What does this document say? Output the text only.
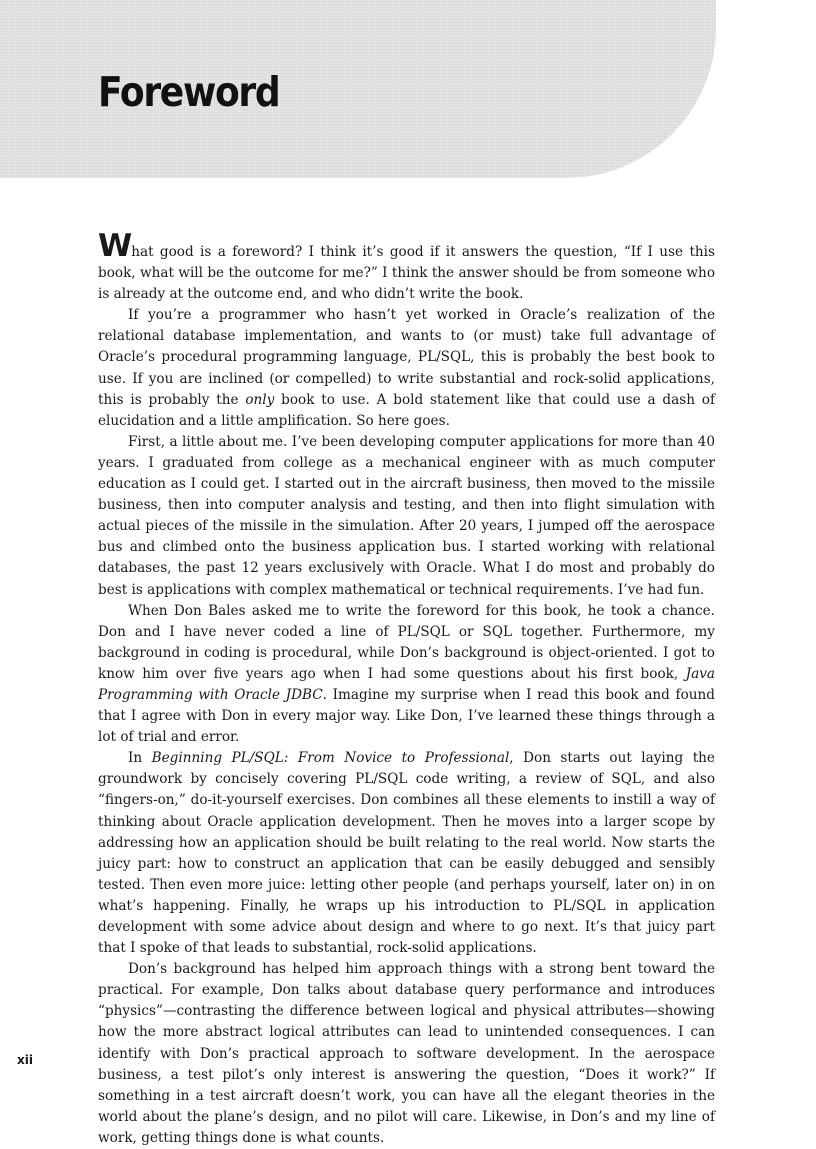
Foreword

What good is a foreword? I think it’s good if it answers the question, “If I use this book, what will be the outcome for me?” I think the answer should be from someone who is already at the outcome end, and who didn’t write the book.

If you’re a programmer who hasn’t yet worked in Oracle’s realization of the relational database implementation, and wants to (or must) take full advantage of Oracle’s procedural programming language, PL/SQL, this is probably the best book to use. If you are inclined (or compelled) to write substantial and rock-solid applications, this is probably the only book to use. A bold statement like that could use a dash of elucidation and a little amplification. So here goes.

First, a little about me. I’ve been developing computer applications for more than 40 years. I graduated from college as a mechanical engineer with as much computer education as I could get. I started out in the aircraft business, then moved to the missile business, then into computer analysis and testing, and then into flight simulation with actual pieces of the missile in the simulation. After 20 years, I jumped off the aerospace bus and climbed onto the business application bus. I started working with relational databases, the past 12 years exclusively with Oracle. What I do most and probably do best is applications with complex mathematical or technical requirements. I’ve had fun.

When Don Bales asked me to write the foreword for this book, he took a chance. Don and I have never coded a line of PL/SQL or SQL together. Furthermore, my background in coding is procedural, while Don’s background is object-oriented. I got to know him over five years ago when I had some questions about his first book, Java Programming with Oracle JDBC. Imagine my surprise when I read this book and found that I agree with Don in every major way. Like Don, I’ve learned these things through a lot of trial and error.

In Beginning PL/SQL: From Novice to Professional, Don starts out laying the groundwork by concisely covering PL/SQL code writing, a review of SQL, and also “fingers-on,” do-it-yourself exercises. Don combines all these elements to instill a way of thinking about Oracle application development. Then he moves into a larger scope by addressing how an application should be built relating to the real world. Now starts the juicy part: how to construct an application that can be easily debugged and sensibly tested. Then even more juice: letting other people (and perhaps yourself, later on) in on what’s happening. Finally, he wraps up his introduction to PL/SQL in application development with some advice about design and where to go next. It’s that juicy part that I spoke of that leads to substantial, rock-solid applications.

Don’s background has helped him approach things with a strong bent toward the practical. For example, Don talks about database query performance and introduces “physics”—contrasting the difference between logical and physical attributes—showing how the more abstract logical attributes can lead to unintended consequences. I can identify with Don’s practical approach to software development. In the aerospace business, a test pilot’s only interest is answering the question, “Does it work?” If something in a test aircraft doesn’t work, you can have all the elegant theories in the world about the plane’s design, and no pilot will care. Likewise, in Don’s and my line of work, getting things done is what counts.

xii
